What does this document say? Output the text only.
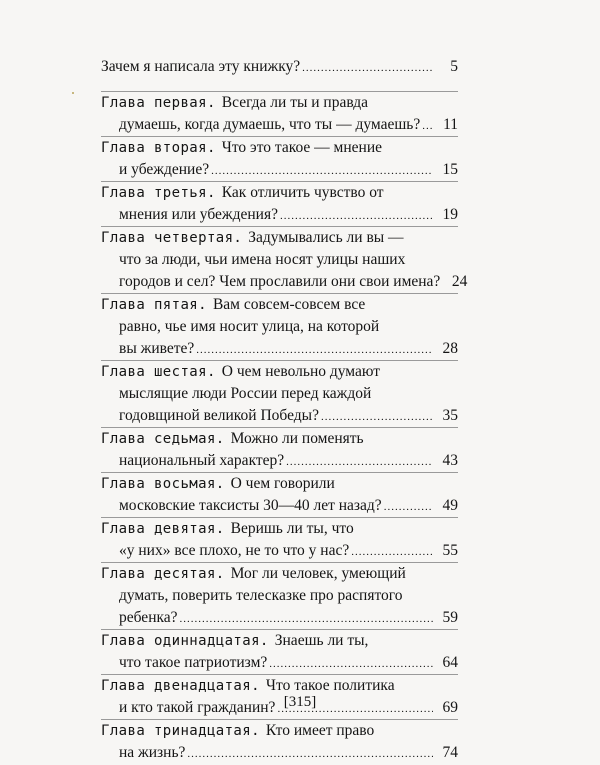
Зачем я написала эту книжку? .....	5
Глава первая. Всегда ли ты и правда
думаешь, когда думаешь, что ты — думаешь? .....	11
Глава вторая. Что это такое — мнение
и убеждение? .....	15
Глава третья. Как отличить чувство от
мнения или убеждения? .....	19
Глава четвертая. Задумывались ли вы —
что за люди, чьи имена носят улицы наших
городов и сел? Чем прославили они свои имена? 24
Глава пятая. Вам совсем-совсем все
равно, чье имя носит улица, на которой
вы живете? .....	28
Глава шестая. О чем невольно думают
мыслящие люди России перед каждой
годовщиной великой Победы? .....	35
Глава седьмая. Можно ли поменять
национальный характер? .....	43
Глава восьмая. О чем говорили
московские таксисты 30—40 лет назад? .....	49
Глава девятая. Веришь ли ты, что
«у них» все плохо, не то что у нас? .....	55
Глава десятая. Мог ли человек, умеющий
думать, поверить телесказке про распятого
ребенка? .....	59
Глава одиннадцатая. Знаешь ли ты,
что такое патриотизм? .....	64
Глава двенадцатая. Что такое политика
и кто такой гражданин? .....	69
Глава тринадцатая. Кто имеет право
на жизнь? .....	74
[315]
